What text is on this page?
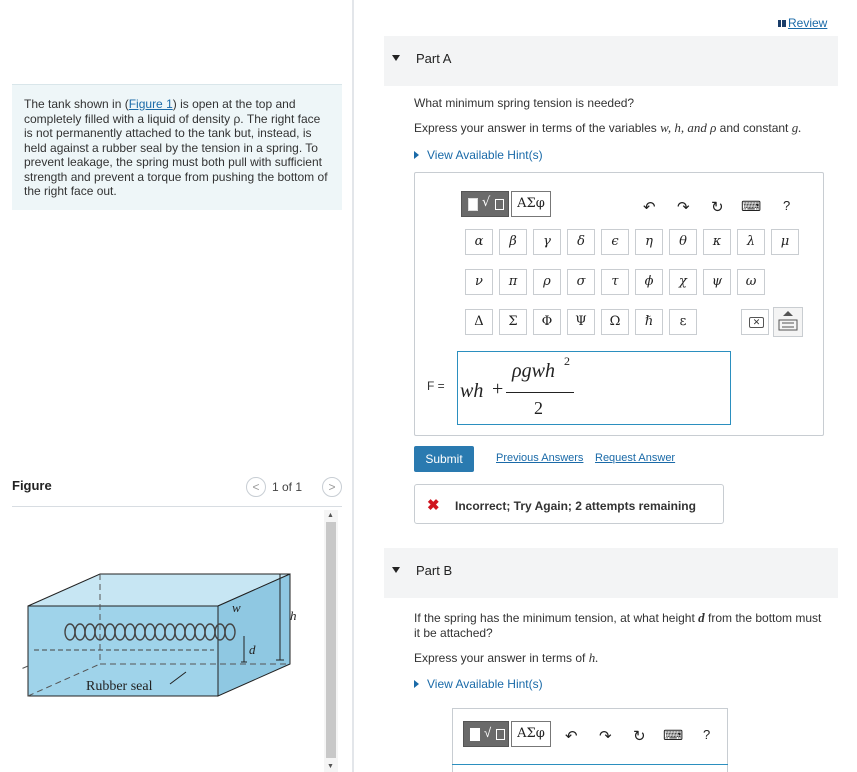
The tank shown in (Figure 1) is open at the top and completely filled with a liquid of density ρ. The right face is not permanently attached to the tank but, instead, is held against a rubber seal by the tension in a spring. To prevent leakage, the spring must both pull with sufficient strength and prevent a torque from pushing the bottom of the right face out.
Figure	<	1 of 1	>
w
h
d
Rubber seal
▲
▼
Review
Part A
What minimum spring tension is needed?
Express your answer in terms of the variables w, h, and ρ and constant g.
View Available Hint(s)
√	ΑΣφ	↶ ↷ ↻ ⌨ ?
α	β	γ	δ	ϵ	η	θ	κ	λ	μ
ν	π	ρ	σ	τ	ϕ	χ	ψ	ω
Δ	Σ	Φ	Ψ	Ω	ℏ	ε	✕
F = wh +
ρgwh 2
2
Submit	Previous Answers Request Answer
✖ Incorrect; Try Again; 2 attempts remaining
Part B
If the spring has the minimum tension, at what height d from the bottom must it be attached?
Express your answer in terms of h.
View Available Hint(s)
√	ΑΣφ	↶ ↷ ↻ ⌨ ?
